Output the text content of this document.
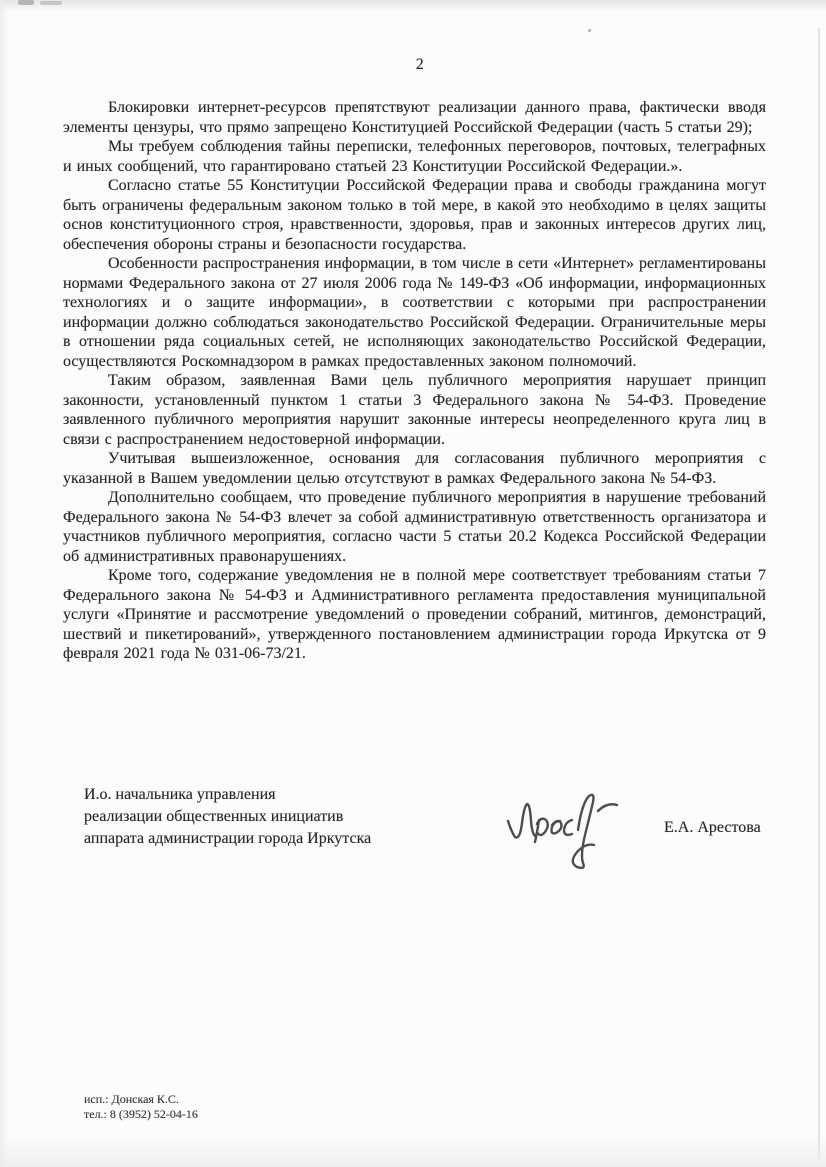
2

Блокировки интернет-ресурсов препятствуют реализации данного права, фактически вводя элементы цензуры, что прямо запрещено Конституцией Российской Федерации (часть 5 статьи 29);

Мы требуем соблюдения тайны переписки, телефонных переговоров, почтовых, телеграфных и иных сообщений, что гарантировано статьей 23 Конституции Российской Федерации.».

Согласно статье 55 Конституции Российской Федерации права и свободы гражданина могут быть ограничены федеральным законом только в той мере, в какой это необходимо в целях защиты основ конституционного строя, нравственности, здоровья, прав и законных интересов других лиц, обеспечения обороны страны и безопасности государства.

Особенности распространения информации, в том числе в сети «Интернет» регламентированы нормами Федерального закона от 27 июля 2006 года № 149-ФЗ «Об информации, информационных технологиях и о защите информации», в соответствии с которыми при распространении информации должно соблюдаться законодательство Российской Федерации. Ограничительные меры в отношении ряда социальных сетей, не исполняющих законодательство Российской Федерации, осуществляются Роскомнадзором в рамках предоставленных законом полномочий.

Таким образом, заявленная Вами цель публичного мероприятия нарушает принцип законности, установленный пунктом 1 статьи 3 Федерального закона № 54-ФЗ. Проведение заявленного публичного мероприятия нарушит законные интересы неопределенного круга лиц в связи с распространением недостоверной информации.

Учитывая вышеизложенное, основания для согласования публичного мероприятия с указанной в Вашем уведомлении целью отсутствуют в рамках Федерального закона № 54-ФЗ.

Дополнительно сообщаем, что проведение публичного мероприятия в нарушение требований Федерального закона № 54-ФЗ влечет за собой административную ответственность организатора и участников публичного мероприятия, согласно части 5 статьи 20.2 Кодекса Российской Федерации об административных правонарушениях.

Кроме того, содержание уведомления не в полной мере соответствует требованиям статьи 7 Федерального закона № 54-ФЗ и Административного регламента предоставления муниципальной услуги «Принятие и рассмотрение уведомлений о проведении собраний, митингов, демонстраций, шествий и пикетирований», утвержденного постановлением администрации города Иркутска от 9 февраля 2021 года № 031-06-73/21.

И.о. начальника управления
реализации общественных инициатив
аппарата администрации города Иркутска
Е.А. Арестова
исп.: Донская К.С.
тел.: 8 (3952) 52-04-16
